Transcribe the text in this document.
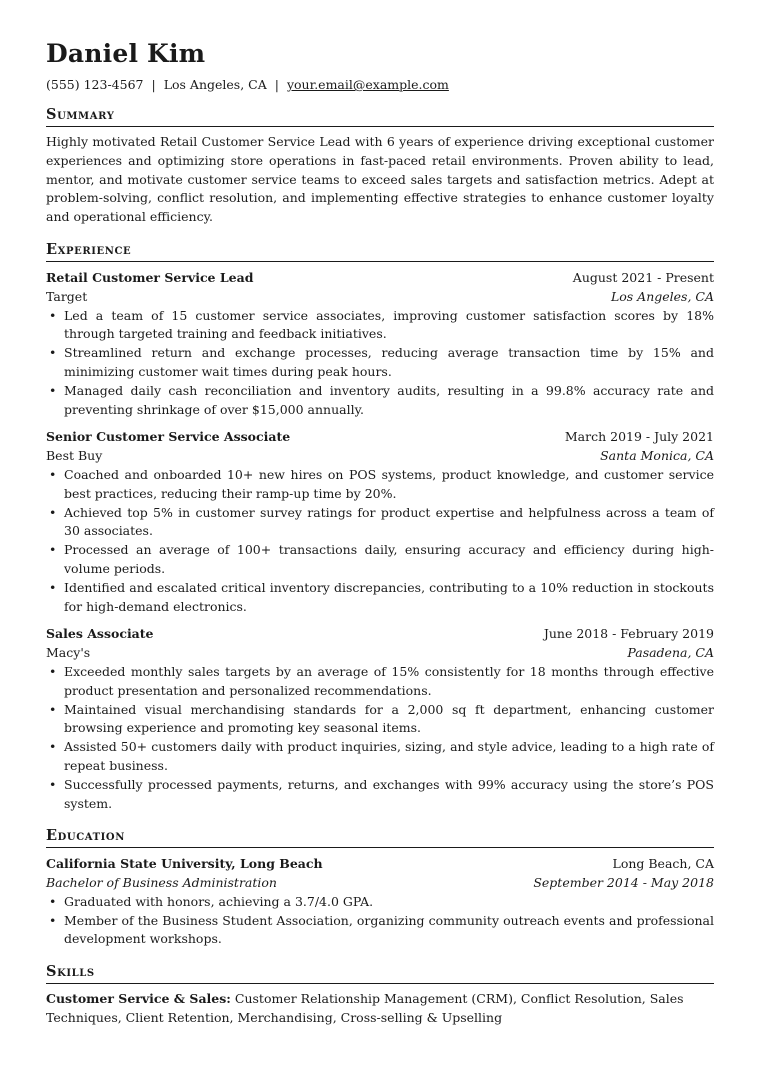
Daniel Kim
(555) 123-4567 | Los Angeles, CA | your.email@example.com
Summary

Highly motivated Retail Customer Service Lead with 6 years of experience driving exceptional customer experiences and optimizing store operations in fast-paced retail environments. Proven ability to lead, mentor, and motivate customer service teams to exceed sales targets and satisfaction metrics. Adept at problem-solving, conflict resolution, and implementing effective strategies to enhance customer loyalty and operational efficiency.

Experience
Retail Customer Service Lead	August 2021 - Present
Target	Los Angeles, CA
• Led a team of 15 customer service associates, improving customer satisfaction scores by 18% through targeted training and feedback initiatives.
• Streamlined return and exchange processes, reducing average transaction time by 15% and minimizing customer wait times during peak hours.
• Managed daily cash reconciliation and inventory audits, resulting in a 99.8% accuracy rate and preventing shrinkage of over $15,000 annually.
Senior Customer Service Associate	March 2019 - July 2021
Best Buy	Santa Monica, CA
• Coached and onboarded 10+ new hires on POS systems, product knowledge, and customer service best practices, reducing their ramp-up time by 20%.
• Achieved top 5% in customer survey ratings for product expertise and helpfulness across a team of 30 associates.
• Processed an average of 100+ transactions daily, ensuring accuracy and efficiency during high-volume periods.
• Identified and escalated critical inventory discrepancies, contributing to a 10% reduction in stockouts for high-demand electronics.
Sales Associate	June 2018 - February 2019
Macy's	Pasadena, CA
• Exceeded monthly sales targets by an average of 15% consistently for 18 months through effective product presentation and personalized recommendations.
• Maintained visual merchandising standards for a 2,000 sq ft department, enhancing customer browsing experience and promoting key seasonal items.
• Assisted 50+ customers daily with product inquiries, sizing, and style advice, leading to a high rate of repeat business.
• Successfully processed payments, returns, and exchanges with 99% accuracy using the store’s POS system.
Education
California State University, Long Beach	Long Beach, CA
Bachelor of Business Administration	September 2014 - May 2018
• Graduated with honors, achieving a 3.7/4.0 GPA.
• Member of the Business Student Association, organizing community outreach events and professional development workshops.
Skills

Customer Service & Sales: Customer Relationship Management (CRM), Conflict Resolution, Sales Techniques, Client Retention, Merchandising, Cross-selling & Upselling
